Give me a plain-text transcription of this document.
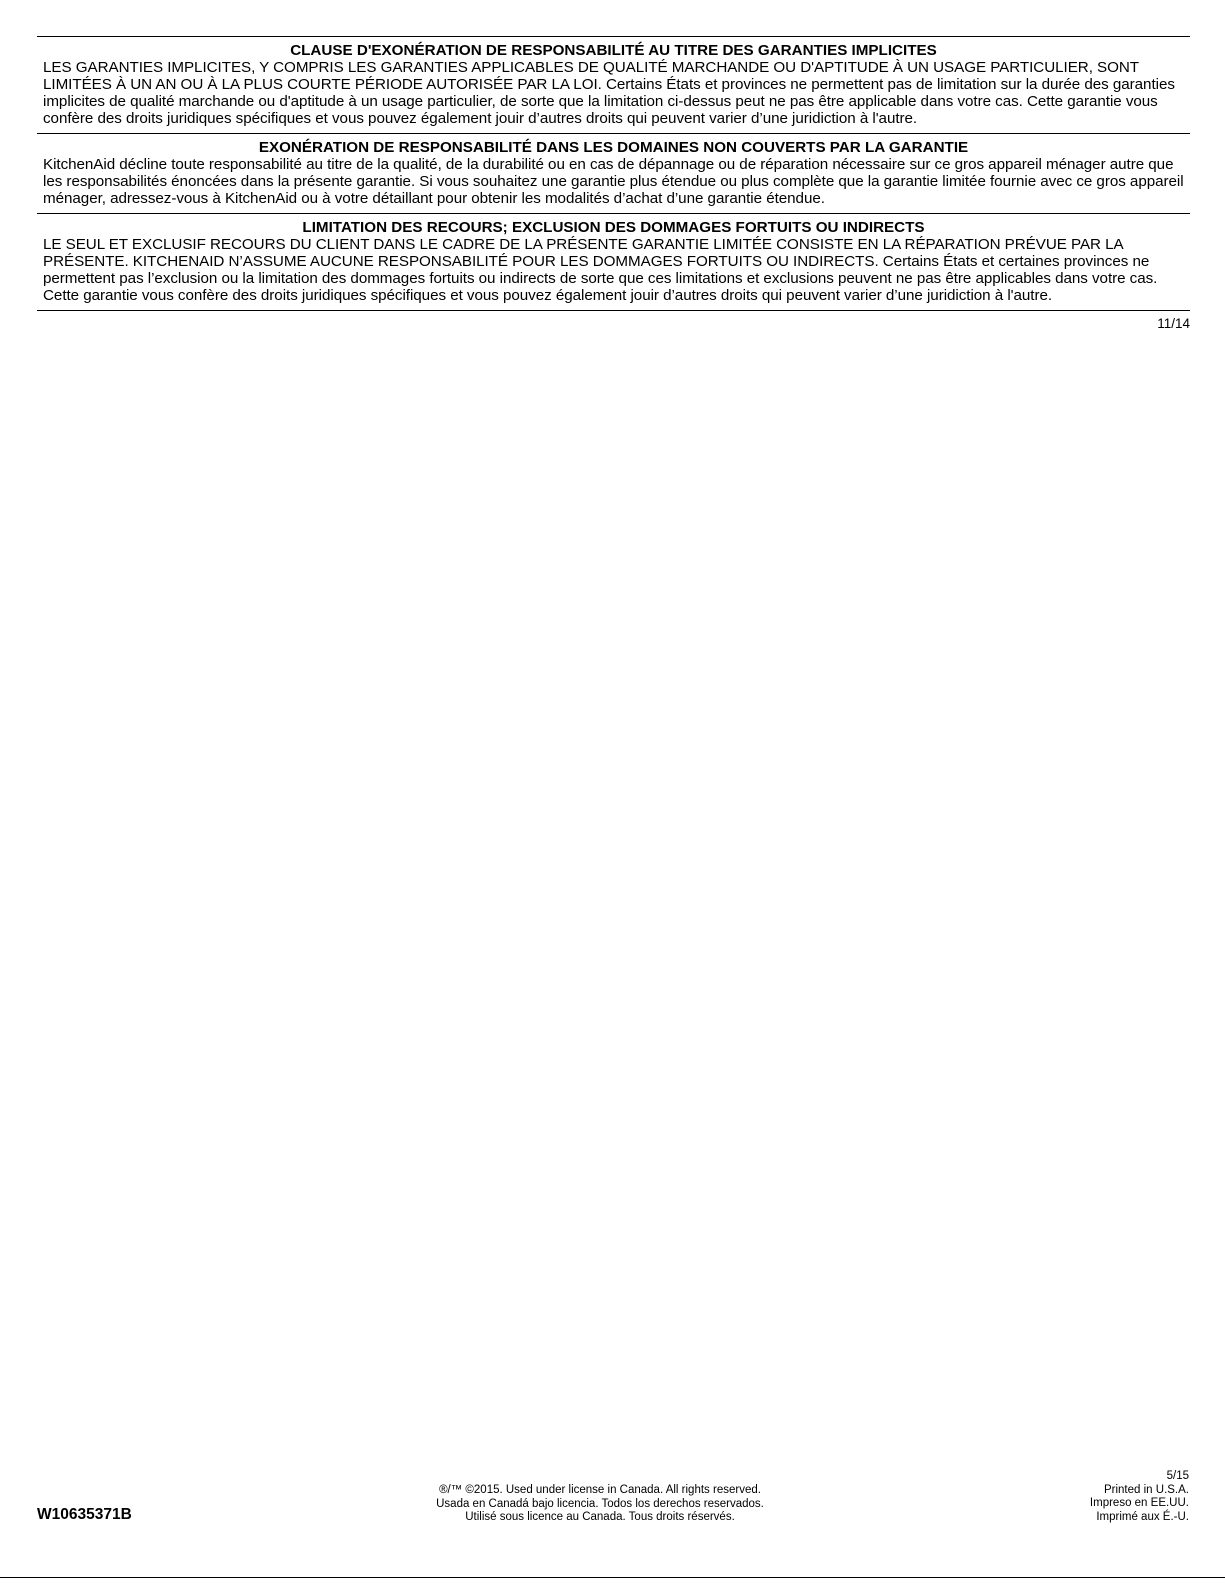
CLAUSE D'EXONÉRATION DE RESPONSABILITÉ AU TITRE DES GARANTIES IMPLICITES

LES GARANTIES IMPLICITES, Y COMPRIS LES GARANTIES APPLICABLES DE QUALITÉ MARCHANDE OU D'APTITUDE À UN USAGE PARTICULIER, SONT LIMITÉES À UN AN OU À LA PLUS COURTE PÉRIODE AUTORISÉE PAR LA LOI. Certains États et provinces ne permettent pas de limitation sur la durée des garanties implicites de qualité marchande ou d'aptitude à un usage particulier, de sorte que la limitation ci-dessus peut ne pas être applicable dans votre cas. Cette garantie vous confère des droits juridiques spécifiques et vous pouvez également jouir d’autres droits qui peuvent varier d’une juridiction à l'autre.

EXONÉRATION DE RESPONSABILITÉ DANS LES DOMAINES NON COUVERTS PAR LA GARANTIE

KitchenAid décline toute responsabilité au titre de la qualité, de la durabilité ou en cas de dépannage ou de réparation nécessaire sur ce gros appareil ménager autre que les responsabilités énoncées dans la présente garantie. Si vous souhaitez une garantie plus étendue ou plus complète que la garantie limitée fournie avec ce gros appareil ménager, adressez-vous à KitchenAid ou à votre détaillant pour obtenir les modalités d’achat d’une garantie étendue.

LIMITATION DES RECOURS; EXCLUSION DES DOMMAGES FORTUITS OU INDIRECTS

LE SEUL ET EXCLUSIF RECOURS DU CLIENT DANS LE CADRE DE LA PRÉSENTE GARANTIE LIMITÉE CONSISTE EN LA RÉPARATION PRÉVUE PAR LA PRÉSENTE. KITCHENAID N’ASSUME AUCUNE RESPONSABILITÉ POUR LES DOMMAGES FORTUITS OU INDIRECTS. Certains États et certaines provinces ne permettent pas l’exclusion ou la limitation des dommages fortuits ou indirects de sorte que ces limitations et exclusions peuvent ne pas être applicables dans votre cas. Cette garantie vous confère des droits juridiques spécifiques et vous pouvez également jouir d’autres droits qui peuvent varier d’une juridiction à l'autre.

11/14
W10635371B
®/™ ©2015. Used under license in Canada. All rights reserved.
Usada en Canadá bajo licencia. Todos los derechos reservados.
Utilisé sous licence au Canada. Tous droits réservés.
5/15
Printed in U.S.A.
Impreso en EE.UU.
Imprimé aux É.-U.
